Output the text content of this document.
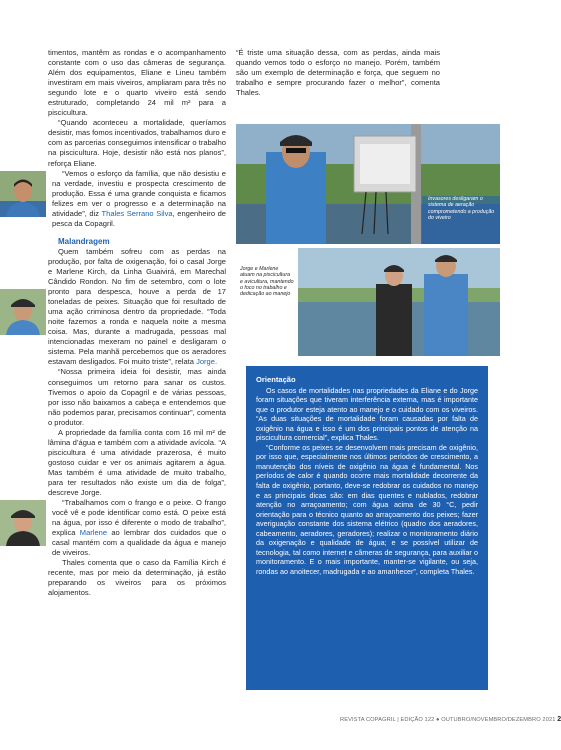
timentos, mantêm as rondas e o acompanhamento constante com o uso das câmeras de segurança. Além dos equipamentos, Eliane e Lineu também investiram em mais viveiros, ampliaram para três no segundo lote e o quarto viveiro está sendo estruturado, completando 24 mil m² para a piscicultura.

“Quando aconteceu a mortalidade, queríamos desistir, mas fomos incentivados, trabalhamos duro e com as parcerias conseguimos intensificar o trabalho na piscicultura. Hoje, desistir não está nos planos”, reforça Eliane.

“Vemos o esforço da família, que não desistiu e na verdade, investiu e prospecta crescimento de produção. Essa é uma grande conquista e ficamos felizes em ver o progresso e a determinação na atividade”, diz Thales Serrano Silva, engenheiro de pesca da Copagril.

Malandragem

Quem também sofreu com as perdas na produção, por falta de oxigenação, foi o casal Jorge e Marlene Kirch, da Linha Guaivirá, em Marechal Cândido Rondon. No fim de setembro, com o lote pronto para despesca, houve a perda de 17 toneladas de peixes. Situação que foi resultado de uma ação criminosa dentro da propriedade. “Toda noite fazemos a ronda e naquela noite a mesma coisa. Mas, durante a madrugada, pessoas mal intencionadas mexeram no painel e desligaram o sistema. Pela manhã percebemos que os aeradores estavam desligados. Foi muito triste”, relata Jorge.

“Nossa primeira ideia foi desistir, mas ainda conseguimos um retorno para sanar os custos. Tivemos o apoio da Copagril e de várias pessoas, por isso não baixamos a cabeça e entendemos que não podemos parar, precisamos continuar”, comenta o produtor.

A propriedade da família conta com 16 mil m² de lâmina d’água e também com a atividade avícola. “A piscicultura é uma atividade prazerosa, é muito gostoso cuidar e ver os animais agitarem a água. Mas também é uma atividade de muito trabalho, para ter resultados não existe um dia de folga”, descreve Jorge.

“Trabalhamos com o frango e o peixe. O frango você vê e pode identificar como está. O peixe está na água, por isso é diferente o modo de trabalho”, explica Marlene ao lembrar dos cuidados que o casal mantém com a qualidade da água e manejo de viveiros.

Thales comenta que o caso da Família Kirch é recente, mas por meio da determinação, já estão preparando os viveiros para os próximos alojamentos.

“É triste uma situação dessa, com as perdas, ainda mais quando vemos todo o esforço no manejo. Porém, também são um exemplo de determinação e força, que seguem no trabalho e sempre procurando fazer o melhor”, comenta Thales.

Invasores desligaram o sistema de aeração comprometendo a produção do viveiro
Jorge e Marlene atuam na piscicultura e avicultura, mantendo o foco no trabalho e dedicação ao manejo
Orientação

Os casos de mortalidades nas propriedades da Eliane e do Jorge foram situações que tiveram interferência externa, mas é importante que o produtor esteja atento ao manejo e o cuidado com os viveiros. “As duas situações de mortalidade foram causadas por falta de oxigênio na água e isso é um dos principais pontos de atenção na piscicultura comercial”, explica Thales.

“Conforme os peixes se desenvolvem mais precisam de oxigênio, por isso que, especialmente nos últimos períodos de crescimento, a manutenção dos níveis de oxigênio na água é fundamental. Nos períodos de calor é quando ocorre mais mortalidade decorrente da falta de oxigênio, portanto, deve-se redobrar os cuidados no manejo e as principais dicas são: em dias quentes e nublados, redobrar atenção no arraçoamento; com água acima de 30 °C, pedir orientação para o técnico quanto ao arraçoamento dos peixes; fazer averiguação constante dos sistema elétrico (quadro dos aeradores, cabeamento, aeradores, geradores); realizar o monitoramento diário da oxigenação e qualidade de água; e se possível utilizar de tecnologia, tal como internet e câmeras de segurança, para auxiliar o monitoramento. E o mais importante, manter-se vigilante, ou seja, rondas ao anoitecer, madrugada e ao amanhecer”, completa Thales.

REVISTA COPAGRIL | EDIÇÃO 122 ● OUTUBRO/NOVEMBRO/DEZEMBRO 2021 2
